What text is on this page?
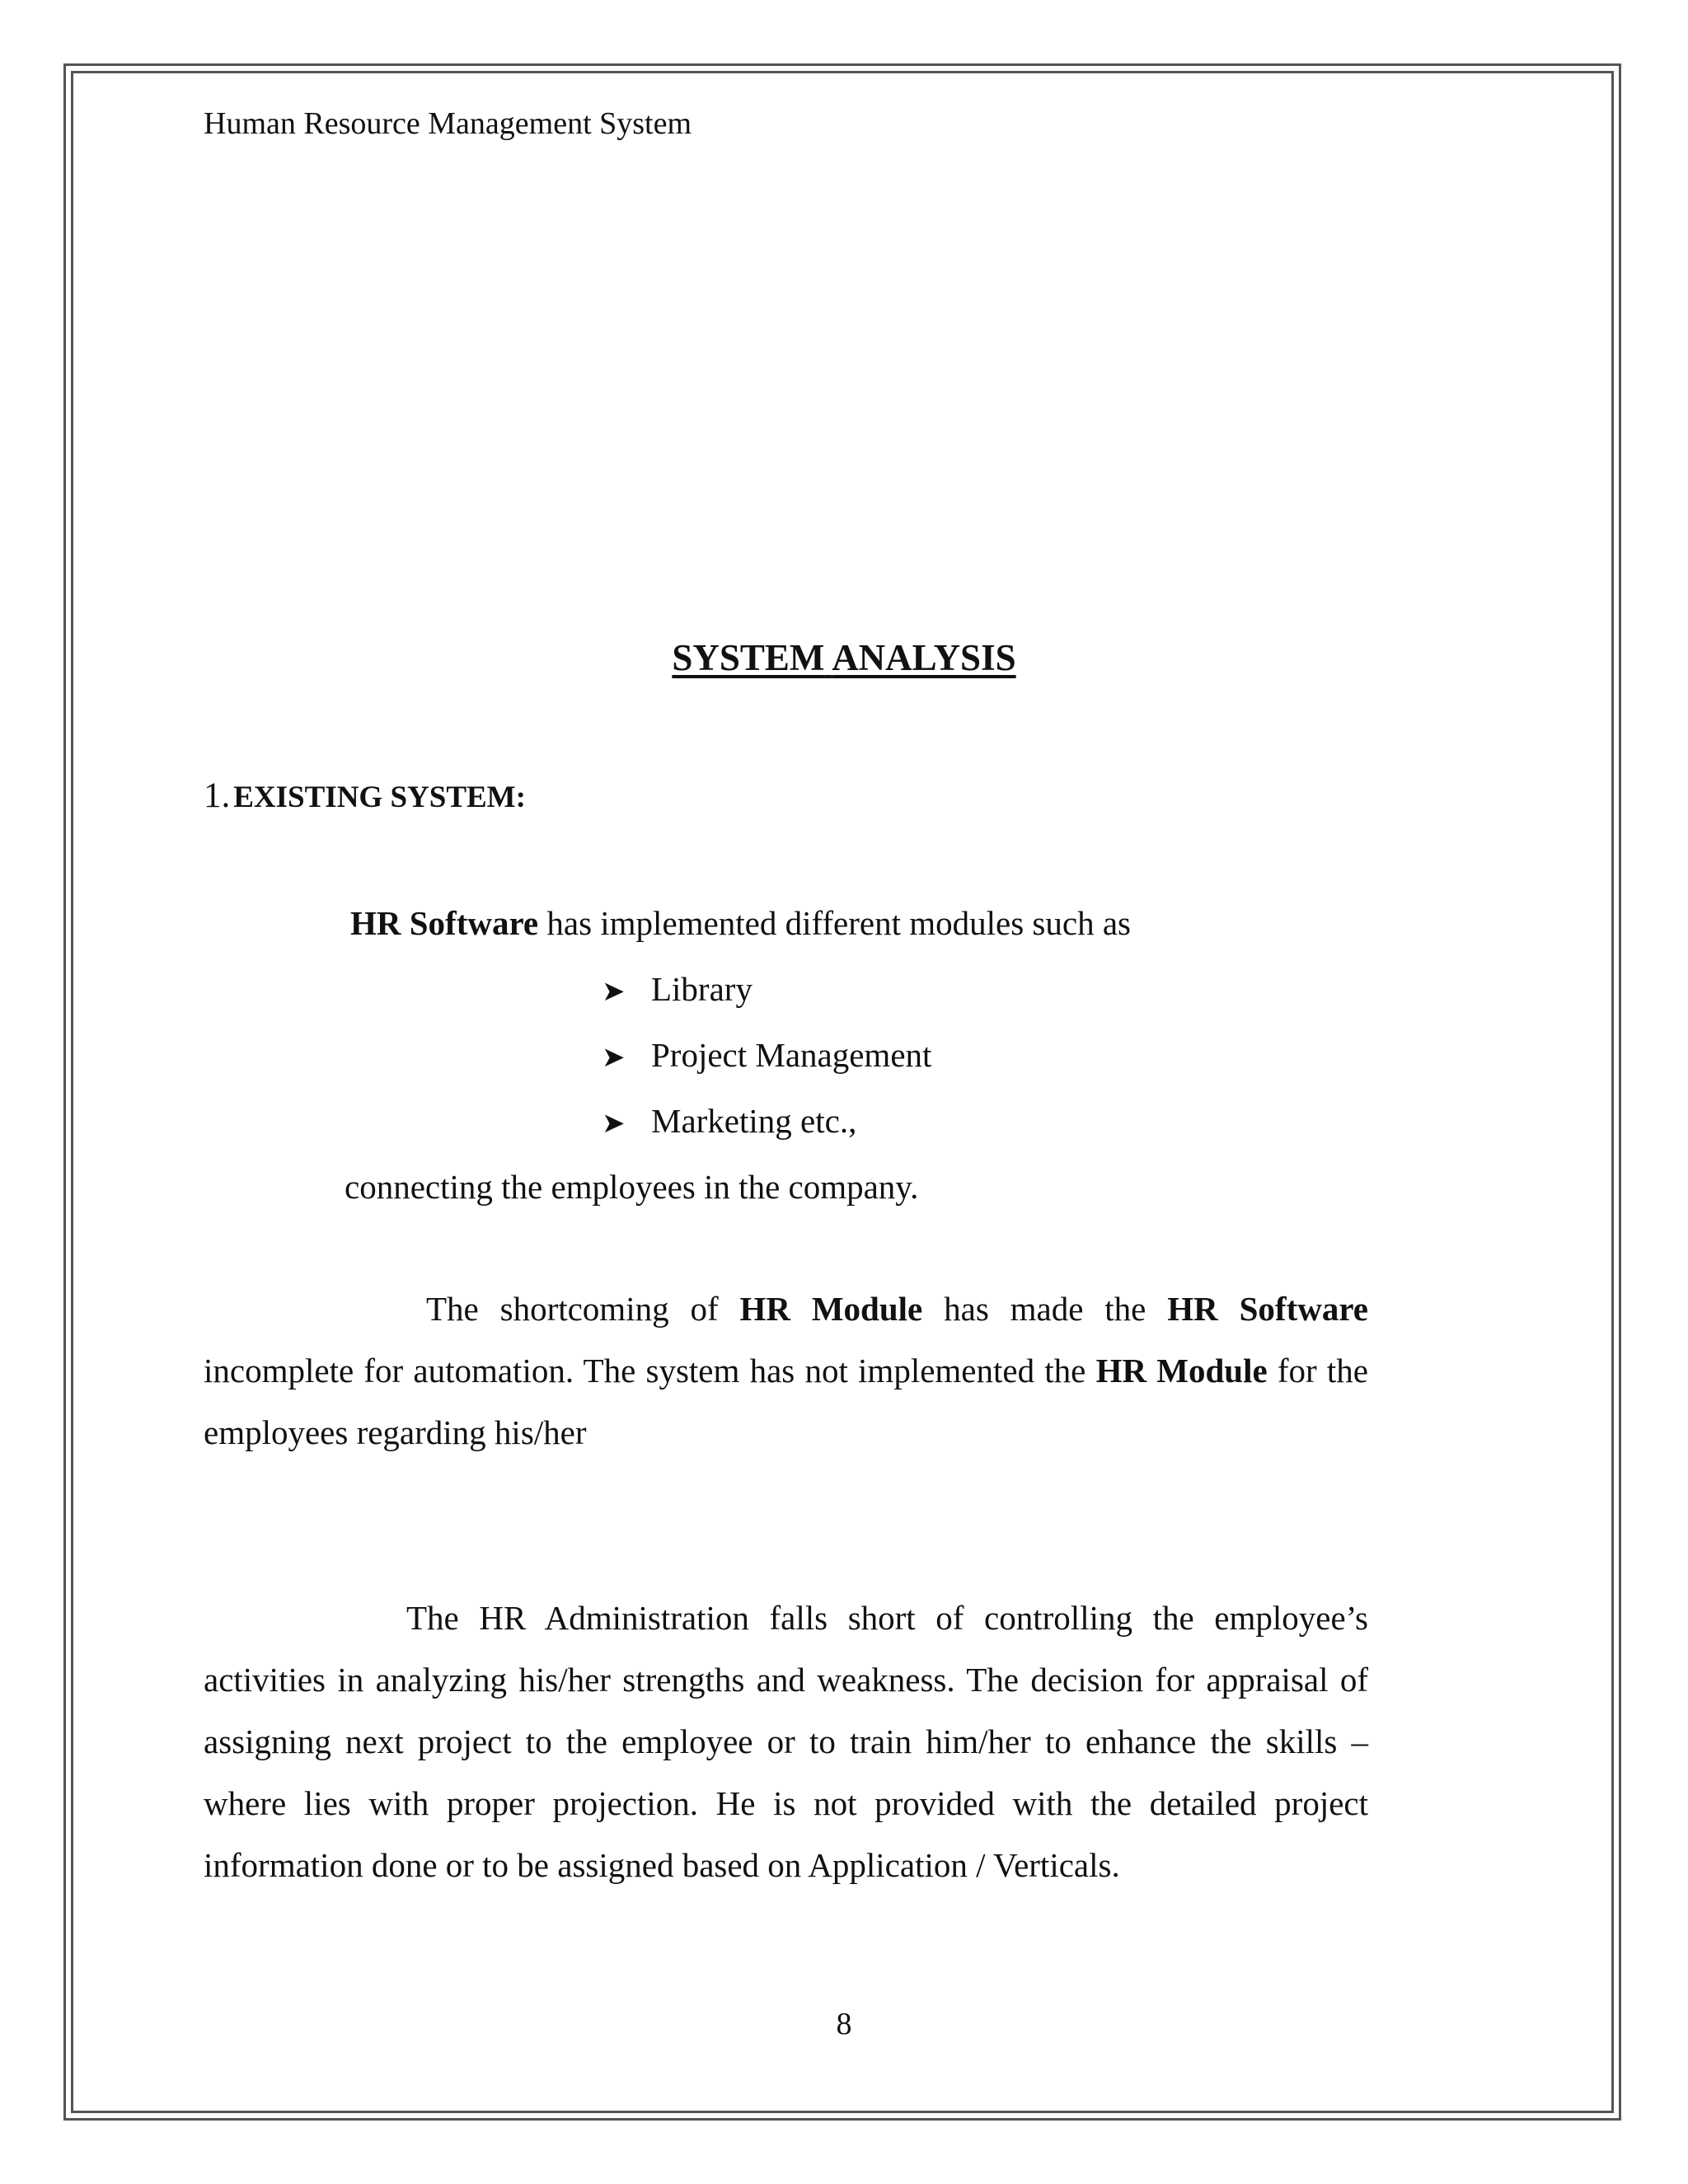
Human Resource Management System
SYSTEM ANALYSIS
1. EXISTING SYSTEM:
HR Software has implemented different modules such as
➤ Library
➤ Project Management
➤ Marketing etc.,
connecting the employees in the company.
The shortcoming of HR Module has made the HR Software incomplete for automation. The system has not implemented the HR Module for the employees regarding his/her
The HR Administration falls short of controlling the employee’s activities in analyzing his/her strengths and weakness. The decision for appraisal of assigning next project to the employee or to train him/her to enhance the skills – where lies with proper projection. He is not provided with the detailed project information done or to be assigned based on Application / Verticals.
8
